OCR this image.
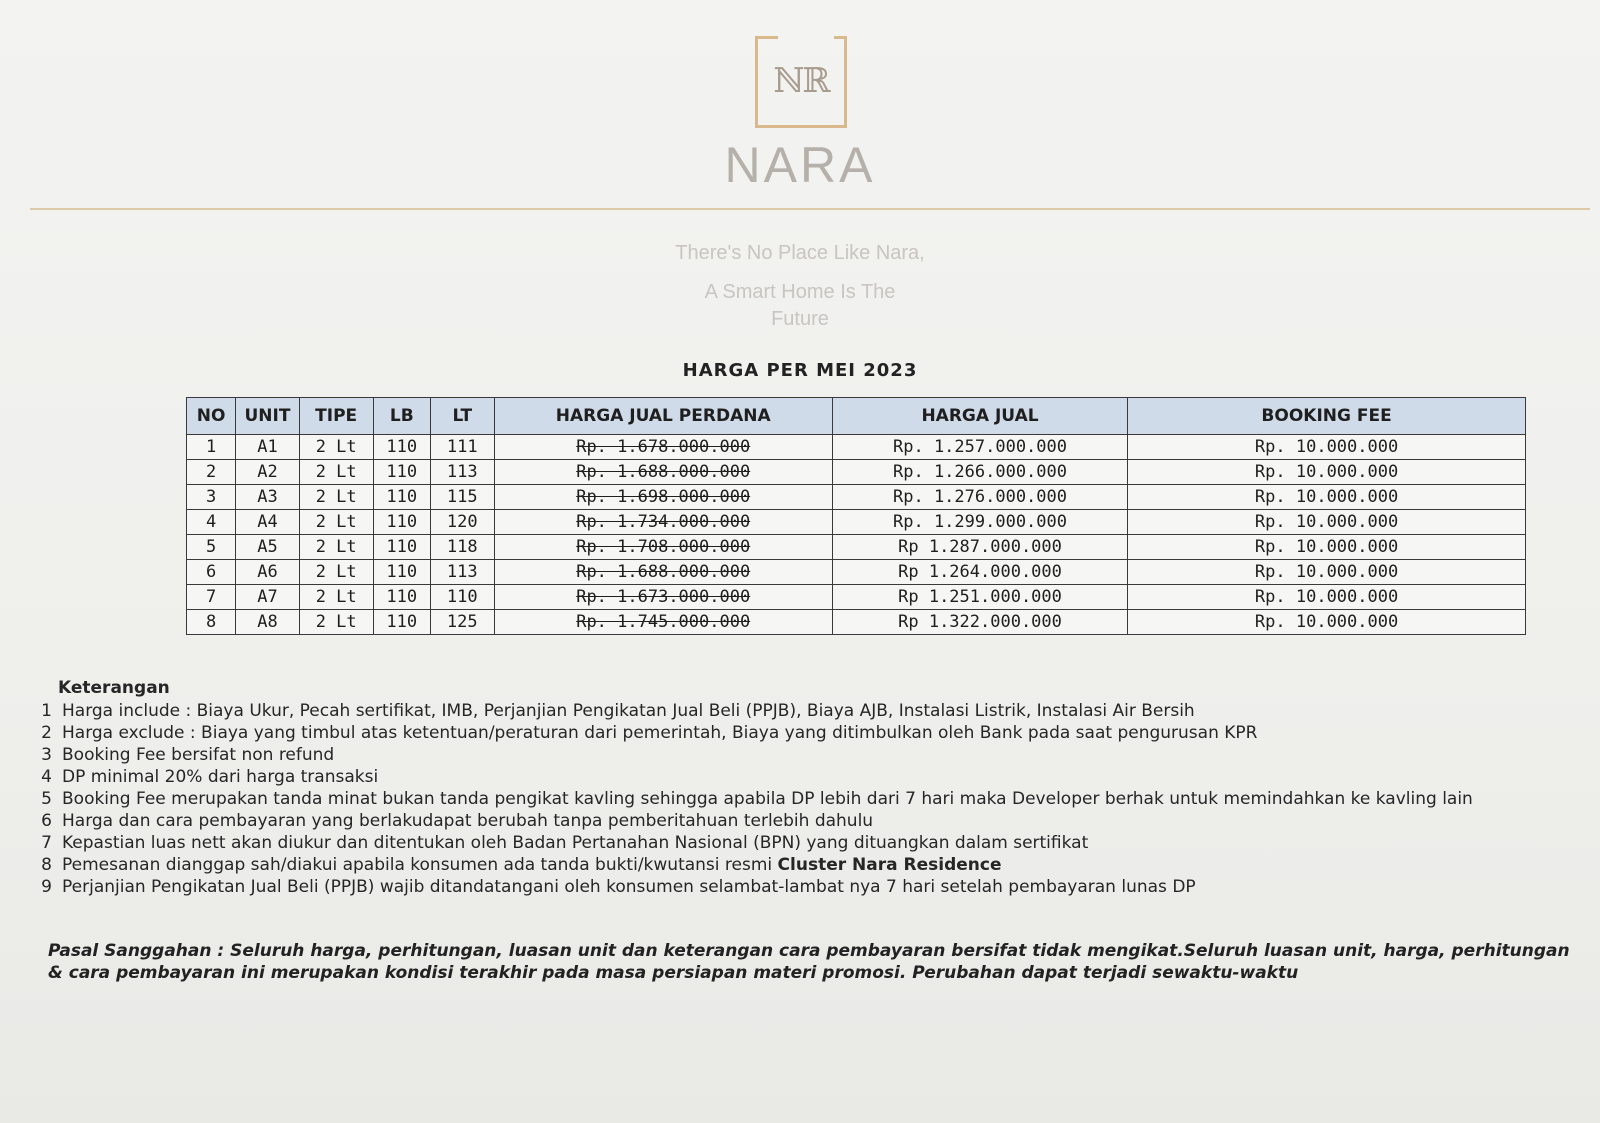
ℕℝ
NARA
There's No Place Like Nara,
A Smart Home Is The
Future
HARGA PER MEI 2023
NO	UNIT	TIPE	LB	LT	HARGA JUAL PERDANA	HARGA JUAL	BOOKING FEE
1	A1	2 Lt	110	111	Rp. 1.678.000.000	Rp. 1.257.000.000	Rp. 10.000.000
2	A2	2 Lt	110	113	Rp. 1.688.000.000	Rp. 1.266.000.000	Rp. 10.000.000
3	A3	2 Lt	110	115	Rp. 1.698.000.000	Rp. 1.276.000.000	Rp. 10.000.000
4	A4	2 Lt	110	120	Rp. 1.734.000.000	Rp. 1.299.000.000	Rp. 10.000.000
5	A5	2 Lt	110	118	Rp. 1.708.000.000	Rp 1.287.000.000	Rp. 10.000.000
6	A6	2 Lt	110	113	Rp. 1.688.000.000	Rp 1.264.000.000	Rp. 10.000.000
7	A7	2 Lt	110	110	Rp. 1.673.000.000	Rp 1.251.000.000	Rp. 10.000.000
8	A8	2 Lt	110	125	Rp. 1.745.000.000	Rp 1.322.000.000	Rp. 10.000.000
Keterangan
1 Harga include : Biaya Ukur, Pecah sertifikat, IMB, Perjanjian Pengikatan Jual Beli (PPJB), Biaya AJB, Instalasi Listrik, Instalasi Air Bersih
2 Harga exclude : Biaya yang timbul atas ketentuan/peraturan dari pemerintah, Biaya yang ditimbulkan oleh Bank pada saat pengurusan KPR
3 Booking Fee bersifat non refund
4 DP minimal 20% dari harga transaksi
5 Booking Fee merupakan tanda minat bukan tanda pengikat kavling sehingga apabila DP lebih dari 7 hari maka Developer berhak untuk memindahkan ke kavling lain
6 Harga dan cara pembayaran yang berlakudapat berubah tanpa pemberitahuan terlebih dahulu
7 Kepastian luas nett akan diukur dan ditentukan oleh Badan Pertanahan Nasional (BPN) yang dituangkan dalam sertifikat
8 Pemesanan dianggap sah/diakui apabila konsumen ada tanda bukti/kwutansi resmi Cluster Nara Residence
9 Perjanjian Pengikatan Jual Beli (PPJB) wajib ditandatangani oleh konsumen selambat-lambat nya 7 hari setelah pembayaran lunas DP
Pasal Sanggahan : Seluruh harga, perhitungan, luasan unit dan keterangan cara pembayaran bersifat tidak mengikat.Seluruh luasan unit, harga, perhitungan
& cara pembayaran ini merupakan kondisi terakhir pada masa persiapan materi promosi. Perubahan dapat terjadi sewaktu-waktu
